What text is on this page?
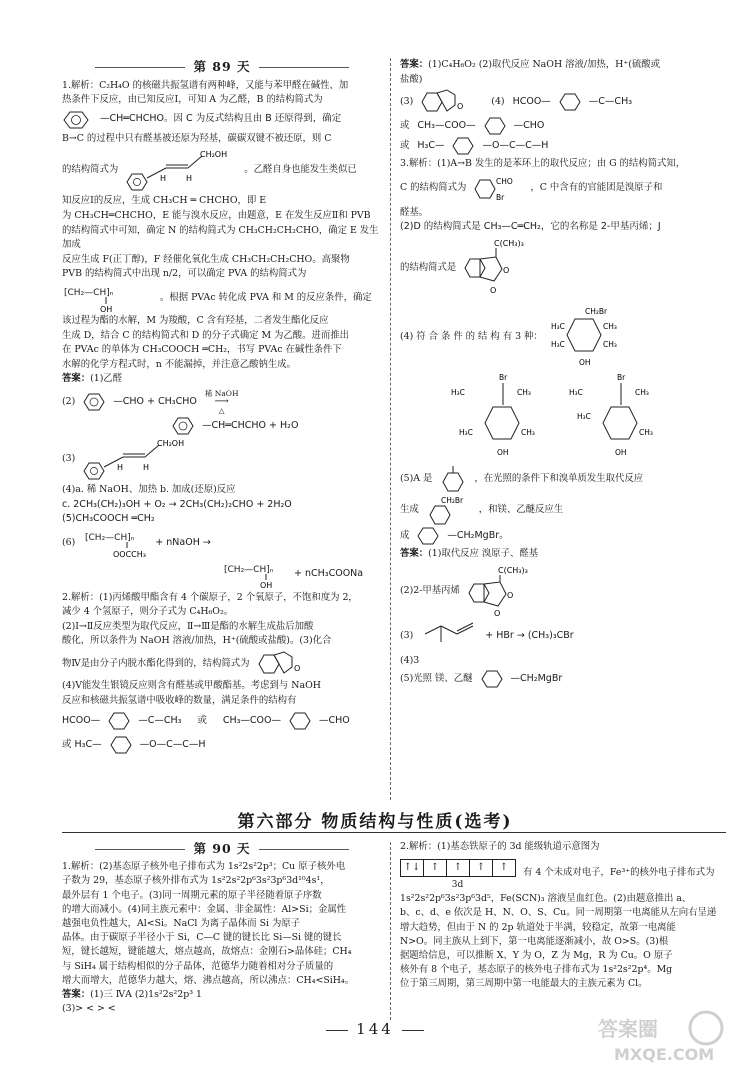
第 89 天

1.解析：C₂H₄O 的核磁共振氢谱有两种峰，又能与苯甲醛在碱性、加

热条件下反应，由已知反应Ⅰ，可知 A 为乙醛，B 的结构简式为

—CH═CHCHO。因 C 为反式结构且由 B 还原得到，确定

B→C 的过程中只有醛基被还原为羟基，碳碳双键不被还原，则 C

的结构简式为
H H
CH₂OH
。乙醛自身也能发生类似已

知反应Ⅰ的反应，生成 CH₃CH ═ CHCHO，即 E

为 CH₃CH═CHCHO，E 能与溴水反应，由题意，E 在发生反应Ⅱ和 PVB

的结构简式中可知，确定 N 的结构简式为 CH₃CH₂CH₂CHO，确定 E 发生加成

反应生成 F(正丁醇)，F 经催化氧化生成 CH₃CH₂CH₂CHO。高聚物

PVB 的结构简式中出现 n/2，可以确定 PVA 的结构简式为

[CH₂—CH]ₙ
OH
。根据 PVAc 转化成 PVA 和 M 的反应条件，确定

该过程为酯的水解，M 为羧酸，C 含有羟基，二者发生酯化反应

生成 D，结合 C 的结构简式和 D 的分子式确定 M 为乙酸。进而推出

在 PVAc 的单体为 CH₃COOCH ═CH₂，书写 PVAc 在碱性条件下

水解的化学方程式时，n 不能漏掉，并注意乙酸钠生成。

答案：(1)乙醛

(2)	—CHO + CH₃CHO
稀 NaOH
⟶
△
—CH═CHCHO + H₂O
(3)
H H
CH₂OH

(4)a. 稀 NaOH、加热 b. 加成(还原)反应

c. 2CH₃(CH₂)₃OH + O₂ → 2CH₃(CH₂)₂CHO + 2H₂O

(5)CH₃COOCH ═CH₂

(6) [CH₂—CH]ₙ
OOCCH₃
+ nNaOH →
[CH₂—CH]ₙ
OH
+ nCH₃COONa

2.解析：(1)丙烯酸甲酯含有 4 个碳原子，2 个氧原子，不饱和度为 2，

减少 4 个氢原子，则分子式为 C₄H₆O₂。

(2)Ⅰ→Ⅱ反应类型为取代反应，Ⅱ→Ⅲ是酯的水解生成盐后加酸

酸化，所以条件为 NaOH 溶液/加热，H⁺(硫酸或盐酸)。(3)化合

物Ⅳ是由分子内脱水酯化得到的，结构简式为	O

(4)Ⅴ能发生银镜反应则含有醛基或甲酸酯基。考虑到与 NaOH

反应和核磁共振氢谱中吸收峰的数量，满足条件的结构有

HCOO—	—C—CH₃ 或 CH₃—COO—	—CHO
或 H₃C—	—O—C—C—H

答案：(1)C₄H₆O₂ (2)取代反应 NaOH 溶液/加热，H⁺(硫酸或

盐酸)

(3)	O	(4) HCOO—	—C—CH₃
或 CH₃—COO—	—CHO
或 H₃C—	—O—C—C—H

3.解析：(1)A→B 发生的是苯环上的取代反应；由 G 的结构简式知，

C 的结构简式为
CHO
Br
，C 中含有的官能团是溴原子和

醛基。

(2)D 的结构简式是 CH₃—C═CH₂，它的名称是 2-甲基丙烯；J

的结构简式是
C(CH₃)₃
O
O
(4) 符 合 条 件 的 结 构 有 3 种：
CH₂Br
H₃C
H₃C
CH₃
CH₃
OH
Br
H₃C	CH₃
H₃C	CH₃
OH
Br
H₃C	CH₃
H₃C
CH₃
OH
(5)A 是	，在光照的条件下和溴单质发生取代反应
生成
CH₂Br
，和镁、乙醚反应生
成	—CH₂MgBr。

答案：(1)取代反应 溴原子、醛基

(2)2-甲基丙烯
C(CH₃)₃
O
O
(3)	+ HBr → (CH₃)₃CBr

(4)3

(5)光照 镁、乙醚	—CH₂MgBr
第六部分 物质结构与性质(选考)
第 90 天

1.解析：(2)基态原子核外电子排布式为 1s²2s²2p³；Cu 原子核外电

子数为 29，基态原子核外排布式为 1s²2s²2p⁶3s²3p⁶3d¹⁰4s¹，

最外层有 1 个电子。(3)同一周期元素的原子半径随着原子序数

的增大而减小。(4)同主族元素中：金属、非金属性：Al>Si；金属性

越强电负性越大，Al<Si。NaCl 为离子晶体而 Si 为原子

晶体。由于碳原子半径小于 Si，C—C 键的键长比 Si—Si 键的键长

短，键长越短，键能越大，熔点越高，故熔点：金刚石>晶体硅；CH₄

与 SiH₄ 属于结构相似的分子晶体，范德华力随着相对分子质量的

增大而增大，范德华力越大，熔、沸点越高，所以沸点：CH₄<SiH₄。

答案：(1)三 ⅣA (2)1s²2s²2p³ 1

(3)> < > <

2.解析：(1)基态铁原子的 3d 能级轨道示意图为

↑↓	↑	↑	↑	↑
3d
有 4 个未成对电子，Fe³⁺的核外电子排布式为

1s²2s²2p⁶3s²3p⁶3d⁵，Fe(SCN)₃ 溶液呈血红色。(2)由题意推出 a、

b、c、d、e 依次是 H、N、O、S、Cu。同一周期第一电离能从左向右呈递

增大趋势，但由于 N 的 2p 轨道处于半满，较稳定，故第一电离能

N>O。同主族从上到下，第一电离能逐渐减小，故 O>S。(3)根

据题给信息，可以推断 X、Y 为 O，Z 为 Mg，R 为 Cu。O 原子

核外有 8 个电子，基态原子的核外电子排布式为 1s²2s²2p⁴。Mg

位于第三周期，第三周期中第一电能最大的主族元素为 Cl。

144	答案圈
MXQE.COM
